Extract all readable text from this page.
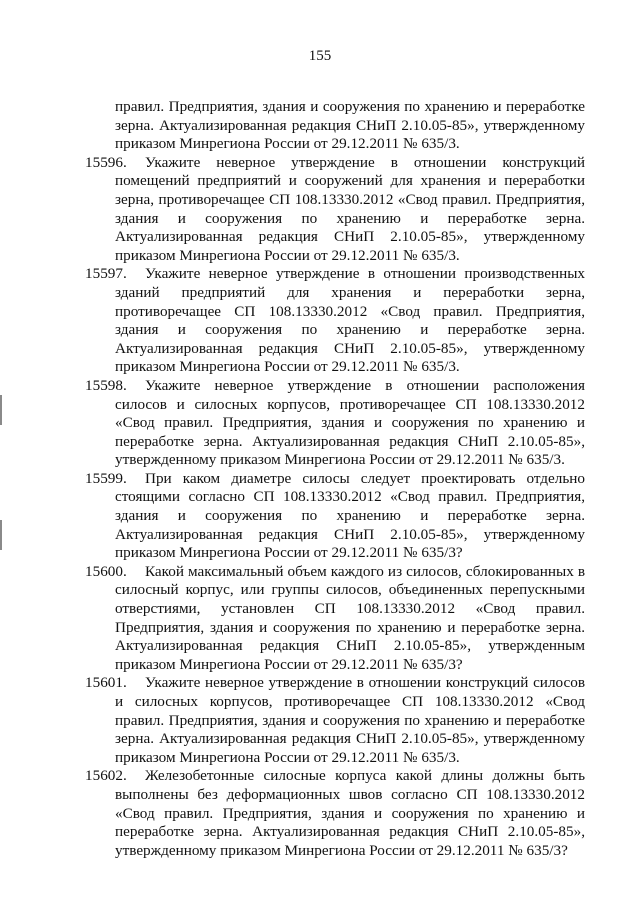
155

правил. Предприятия, здания и сооружения по хранению и переработке зерна. Актуализированная редакция СНиП 2.10.05-85», утвержденному приказом Минрегиона России от 29.12.2011 № 635/3.

15596. Укажите неверное утверждение в отношении конструкций помещений предприятий и сооружений для хранения и переработки зерна, противоречащее СП 108.13330.2012 «Свод правил. Предприятия, здания и сооружения по хранению и переработке зерна. Актуализированная редакция СНиП 2.10.05-85», утвержденному приказом Минрегиона России от 29.12.2011 № 635/3.

15597. Укажите неверное утверждение в отношении производственных зданий предприятий для хранения и переработки зерна, противоречащее СП 108.13330.2012 «Свод правил. Предприятия, здания и сооружения по хранению и переработке зерна. Актуализированная редакция СНиП 2.10.05-85», утвержденному приказом Минрегиона России от 29.12.2011 № 635/3.

15598. Укажите неверное утверждение в отношении расположения силосов и силосных корпусов, противоречащее СП 108.13330.2012 «Свод правил. Предприятия, здания и сооружения по хранению и переработке зерна. Актуализированная редакция СНиП 2.10.05-85», утвержденному приказом Минрегиона России от 29.12.2011 № 635/3.

15599. При каком диаметре силосы следует проектировать отдельно стоящими согласно СП 108.13330.2012 «Свод правил. Предприятия, здания и сооружения по хранению и переработке зерна. Актуализированная редакция СНиП 2.10.05-85», утвержденному приказом Минрегиона России от 29.12.2011 № 635/3?

15600. Какой максимальный объем каждого из силосов, сблокированных в силосный корпус, или группы силосов, объединенных перепускными отверстиями, установлен СП 108.13330.2012 «Свод правил. Предприятия, здания и сооружения по хранению и переработке зерна. Актуализированная редакция СНиП 2.10.05-85», утвержденным приказом Минрегиона России от 29.12.2011 № 635/3?

15601. Укажите неверное утверждение в отношении конструкций силосов и силосных корпусов, противоречащее СП 108.13330.2012 «Свод правил. Предприятия, здания и сооружения по хранению и переработке зерна. Актуализированная редакция СНиП 2.10.05-85», утвержденному приказом Минрегиона России от 29.12.2011 № 635/3.

15602. Железобетонные силосные корпуса какой длины должны быть выполнены без деформационных швов согласно СП 108.13330.2012 «Свод правил. Предприятия, здания и сооружения по хранению и переработке зерна. Актуализированная редакция СНиП 2.10.05-85», утвержденному приказом Минрегиона России от 29.12.2011 № 635/3?
